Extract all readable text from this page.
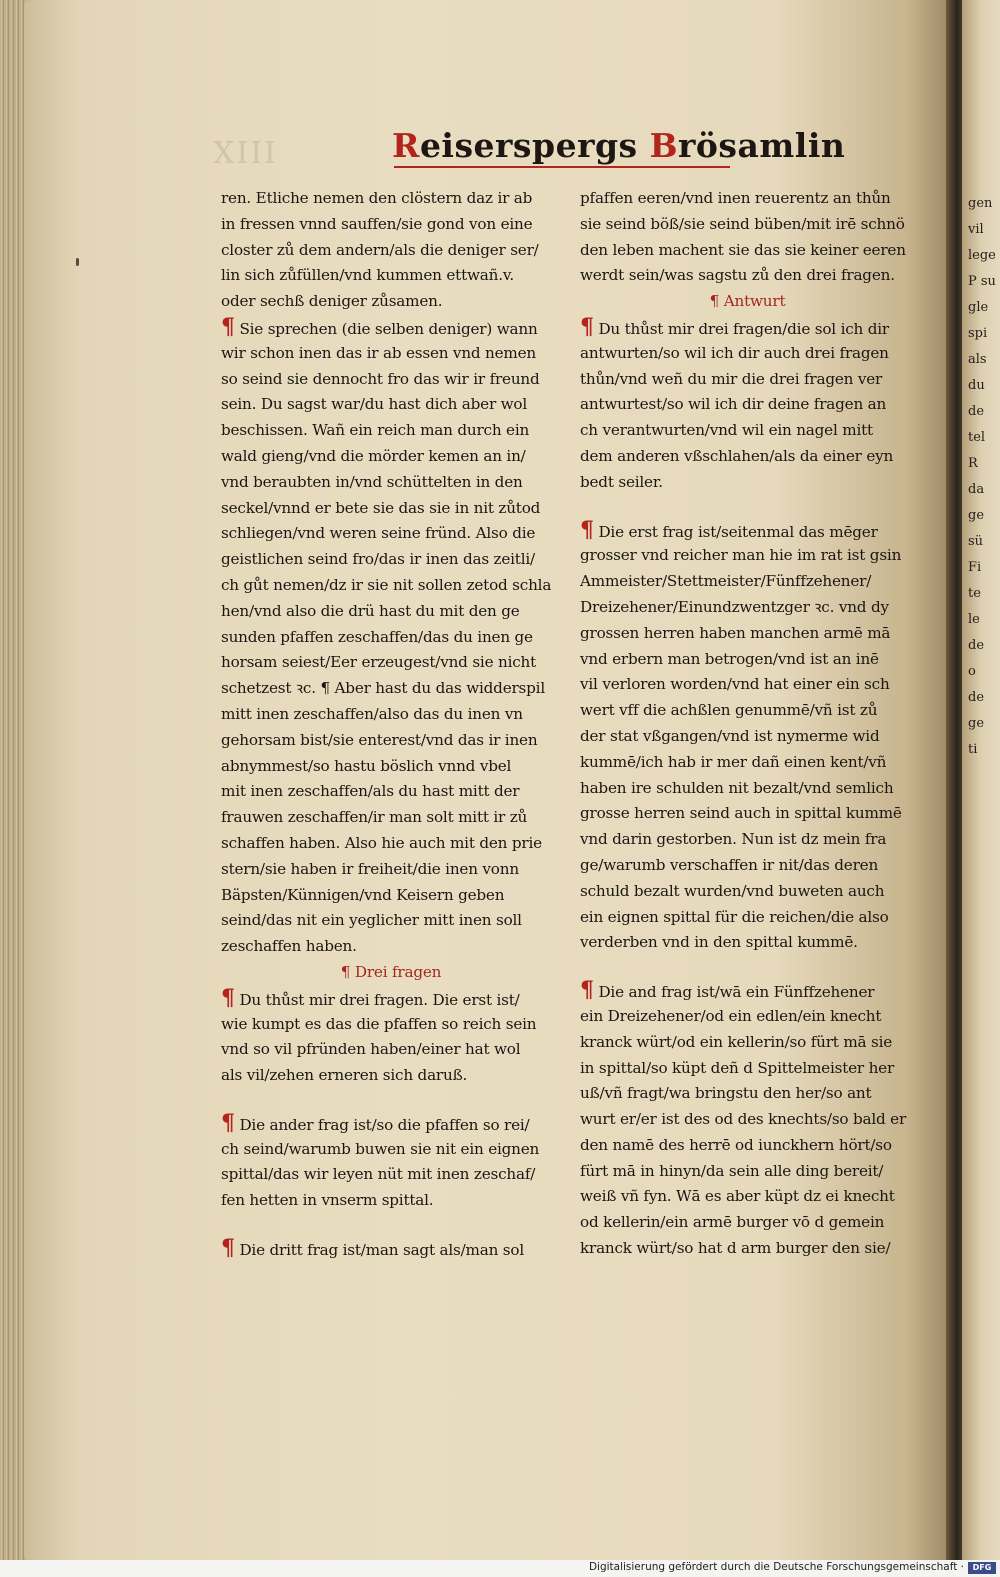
XIII	Reiserspergs Brösamlin
ren. Etliche nemen den clöstern daz ir ab
in fressen vnnd sauffen/sie gond von eine
closter zů dem andern/als die deniger ser/
lin sich zůfüllen/vnd kummen ettwañ.v.
oder sechß deniger zůsamen.
¶ Sie sprechen (die selben deniger) wann
wir schon inen das ir ab essen vnd nemen
so seind sie dennocht fro das wir ir freund
sein. Du sagst war/du hast dich aber wol
beschissen. Wañ ein reich man durch ein
wald gieng/vnd die mörder kemen an in/
vnd beraubten in/vnd schüttelten in den
seckel/vnnd er bete sie das sie in nit zůtod
schliegen/vnd weren seine fründ. Also die
geistlichen seind fro/das ir inen das zeitli/
ch gůt nemen/dz ir sie nit sollen zetod schla
hen/vnd also die drü hast du mit den ge
sunden pfaffen zeschaffen/das du inen ge
horsam seiest/Eer erzeugest/vnd sie nicht
schetzest ꝛc. ¶ Aber hast du das widderspil
mitt inen zeschaffen/also das du inen vn
gehorsam bist/sie enterest/vnd das ir inen
abnymmest/so hastu böslich vnnd vbel
mit inen zeschaffen/als du hast mitt der
frauwen zeschaffen/ir man solt mitt ir zů
schaffen haben. Also hie auch mit den prie
stern/sie haben ir freiheit/die inen vonn
Bäpsten/Künnigen/vnd Keisern geben
seind/das nit ein yeglicher mitt inen soll
zeschaffen haben.
¶ Drei fragen
¶ Du thůst mir drei fragen. Die erst ist/
wie kumpt es das die pfaffen so reich sein
vnd so vil pfründen haben/einer hat wol
als vil/zehen erneren sich daruß.
¶ Die ander frag ist/so die pfaffen so rei/
ch seind/warumb buwen sie nit ein eignen
spittal/das wir leyen nüt mit inen zeschaf/
fen hetten in vnserm spittal.
¶ Die dritt frag ist/man sagt als/man sol
pfaffen eeren/vnd inen reuerentz an thůn
sie seind böß/sie seind büben/mit irē schnö
den leben machent sie das sie keiner eeren
werdt sein/was sagstu zů den drei fragen.
¶ Antwurt
¶ Du thůst mir drei fragen/die sol ich dir
antwurten/so wil ich dir auch drei fragen
thůn/vnd weñ du mir die drei fragen ver
antwurtest/so wil ich dir deine fragen an
ch verantwurten/vnd wil ein nagel mitt
dem anderen vßschlahen/als da einer eyn
bedt seiler.
¶ Die erst frag ist/seitenmal das mēger
grosser vnd reicher man hie im rat ist gsin
Ammeister/Stettmeister/Fünffzehener/
Dreizehener/Einundzwentzger ꝛc. vnd dy
grossen herren haben manchen armē mā
vnd erbern man betrogen/vnd ist an inē
vil verloren worden/vnd hat einer ein sch
wert vff die achßlen genummē/vñ ist zů
der stat vßgangen/vnd ist nymerme wid
kummē/ich hab ir mer dañ einen kent/vñ
haben ire schulden nit bezalt/vnd semlich
grosse herren seind auch in spittal kummē
vnd darin gestorben. Nun ist dz mein fra
ge/warumb verschaffen ir nit/das deren
schuld bezalt wurden/vnd buweten auch
ein eignen spittal für die reichen/die also
verderben vnd in den spittal kummē.
¶ Die and frag ist/wā ein Fünffzehener
ein Dreizehener/od ein edlen/ein knecht
kranck würt/od ein kellerin/so fürt mā sie
in spittal/so küpt deñ d Spittelmeister her
uß/vñ fragt/wa bringstu den her/so ant
wurt er/er ist des od des knechts/so bald er
den namē des herrē od iunckhern hört/so
fürt mā in hinyn/da sein alle ding bereit/
weiß vñ fyn. Wā es aber küpt dz ei knecht
od kellerin/ein armē burger vō d gemein
kranck würt/so hat d arm burger den sie/
gen
vil
lege
P su
gle
spi
als
du
de
tel
R
da
ge
sü
Fi
te
le
de
o
de
ge
ti
Digitalisierung gefördert durch die Deutsche Forschungsgemeinschaft ·	DFG
